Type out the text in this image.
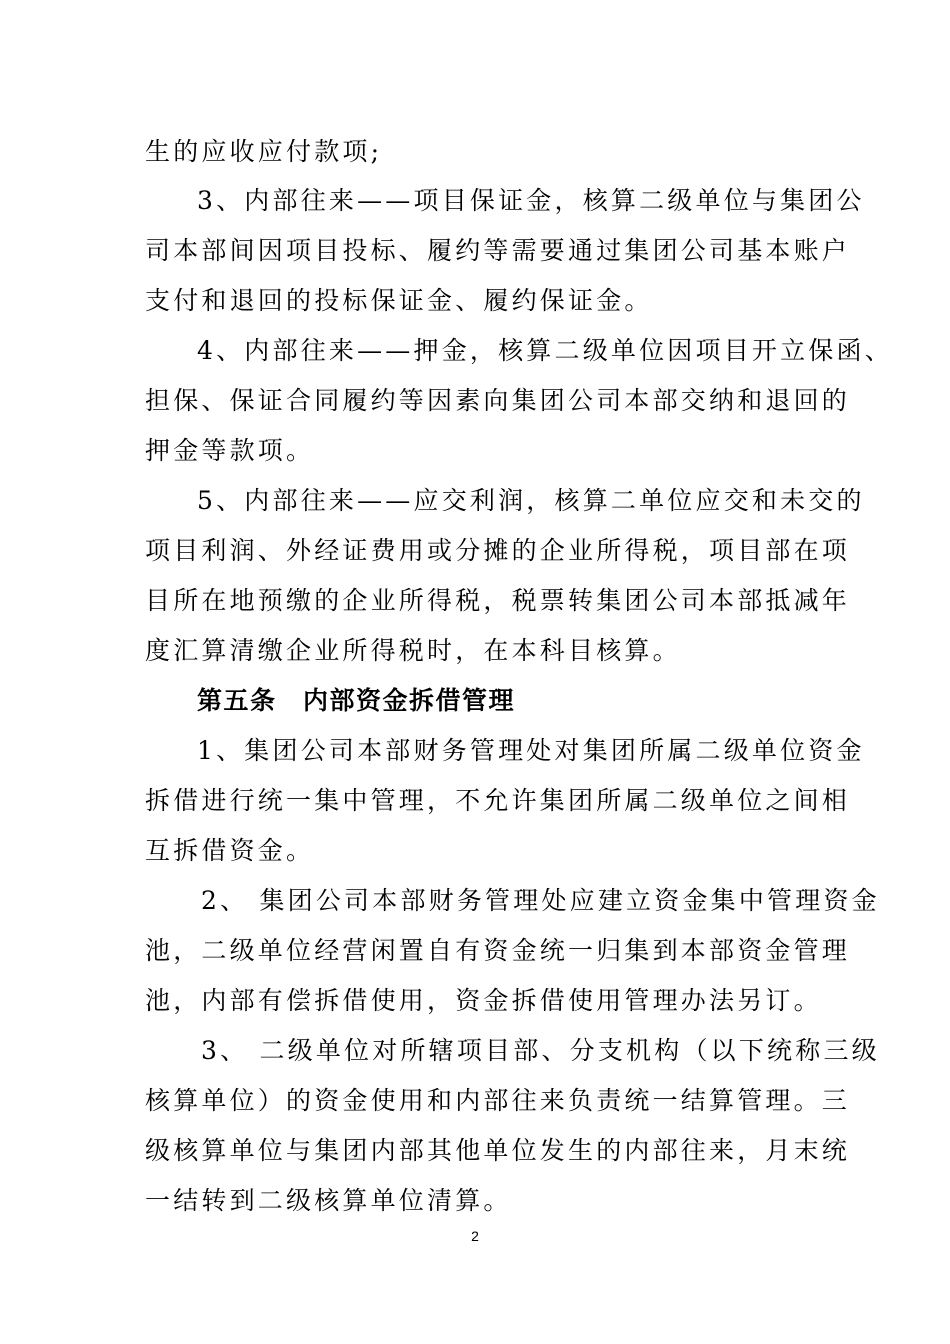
生的应收应付款项;
3、内部往来——项目保证金，核算二级单位与集团公
司本部间因项目投标、履约等需要通过集团公司基本账户
支付和退回的投标保证金、履约保证金。
4、内部往来——押金，核算二级单位因项目开立保函、
担保、保证合同履约等因素向集团公司本部交纳和退回的
押金等款项。
5、内部往来——应交利润，核算二单位应交和未交的
项目利润、外经证费用或分摊的企业所得税，项目部在项
目所在地预缴的企业所得税，税票转集团公司本部抵减年
度汇算清缴企业所得税时，在本科目核算。
第五条　内部资金拆借管理
1、集团公司本部财务管理处对集团所属二级单位资金
拆借进行统一集中管理，不允许集团所属二级单位之间相
互拆借资金。
2、 集团公司本部财务管理处应建立资金集中管理资金
池，二级单位经营闲置自有资金统一归集到本部资金管理
池，内部有偿拆借使用，资金拆借使用管理办法另订。
3、 二级单位对所辖项目部、分支机构（以下统称三级
核算单位）的资金使用和内部往来负责统一结算管理。三
级核算单位与集团内部其他单位发生的内部往来，月末统
一结转到二级核算单位清算。
2
